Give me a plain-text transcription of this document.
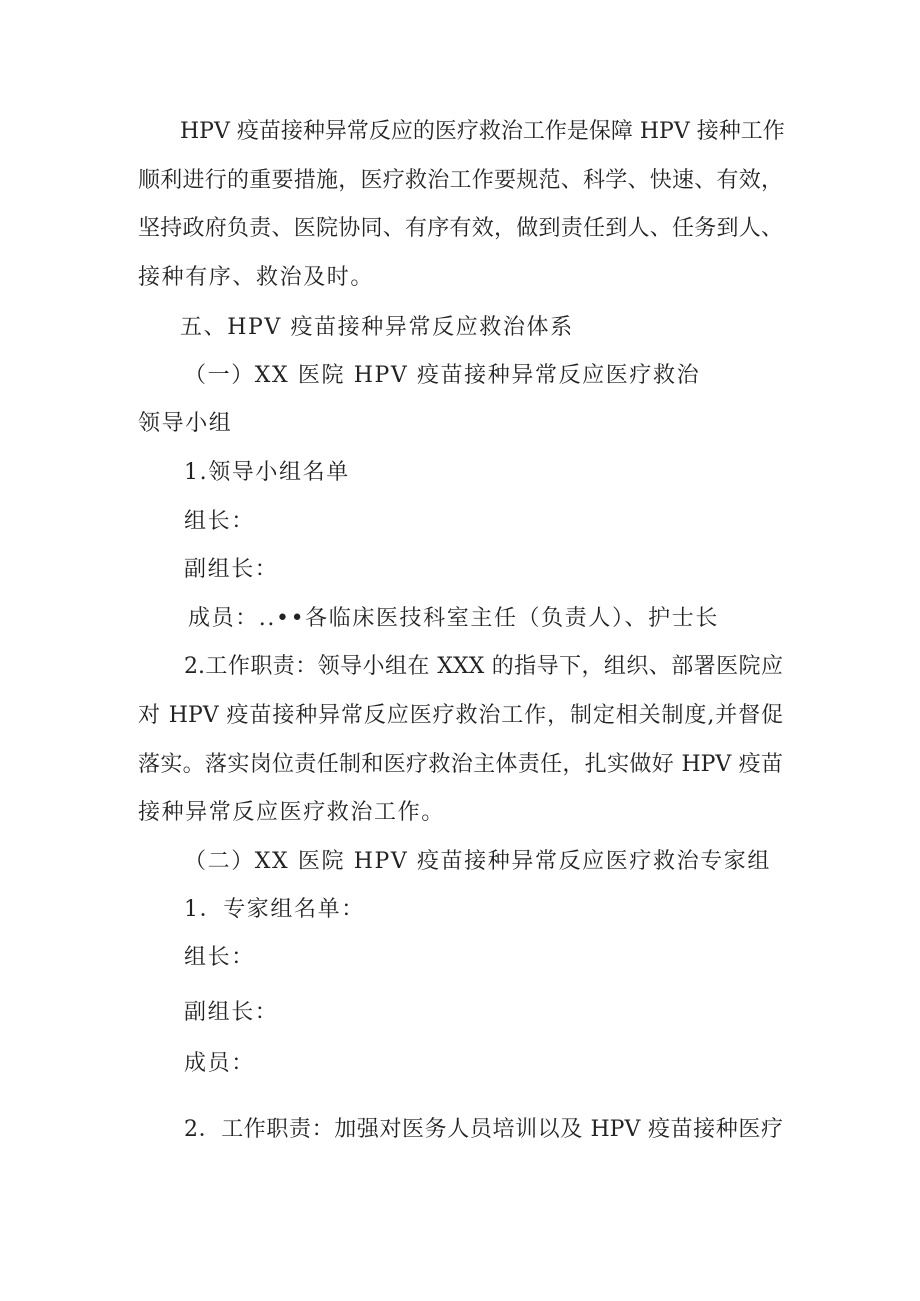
HPV 疫苗接种异常反应的医疗救治工作是保障 HPV 接种工作
顺利进行的重要措施，医疗救治工作要规范、科学、快速、有效，
坚持政府负责、医院协同、有序有效，做到责任到人、任务到人、
接种有序、救治及时。
五、HPV 疫苗接种异常反应救治体系
（一）XX 医院 HPV 疫苗接种异常反应医疗救治
领导小组
1.领导小组名单
组长：
副组长：
成员：..••各临床医技科室主任（负责人）、护士长
2.工作职责：领导小组在 XXX 的指导下，组织、部署医院应
对 HPV 疫苗接种异常反应医疗救治工作，制定相关制度,并督促
落实。落实岗位责任制和医疗救治主体责任，扎实做好 HPV 疫苗
接种异常反应医疗救治工作。
（二）XX 医院 HPV 疫苗接种异常反应医疗救治专家组
1．专家组名单：
组长：
副组长：
成员：
2．工作职责：加强对医务人员培训以及 HPV 疫苗接种医疗
